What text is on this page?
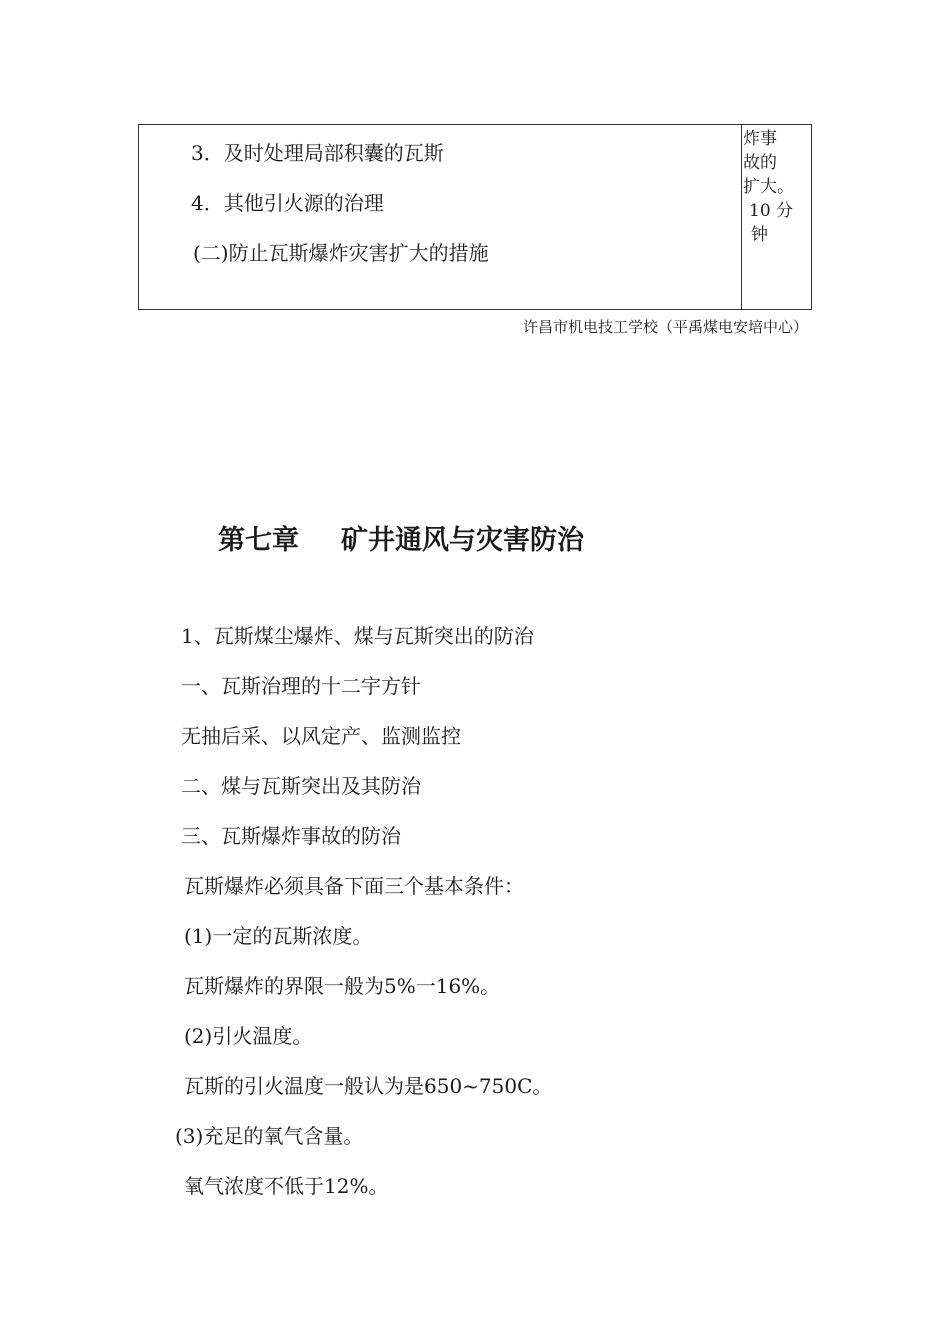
3．及时处理局部积囊的瓦斯
4．其他引火源的治理
(二)防止瓦斯爆炸灾害扩大的措施
炸事
故的
扩大。
10 分
钟
许昌市机电技工学校（平禹煤电安培中心）
第七章 矿井通风与灾害防治
1、瓦斯煤尘爆炸、煤与瓦斯突出的防治
一、瓦斯治理的十二宇方针
无抽后采、以风定产、监测监控
二、煤与瓦斯突出及其防治
三、瓦斯爆炸事故的防治
瓦斯爆炸必须具备下面三个基本条件：
(1)一定的瓦斯浓度。
瓦斯爆炸的界限一般为5%一16%。
(2)引火温度。
瓦斯的引火温度一般认为是650~750C。
(3)充足的氧气含量。
氧气浓度不低于12%。
